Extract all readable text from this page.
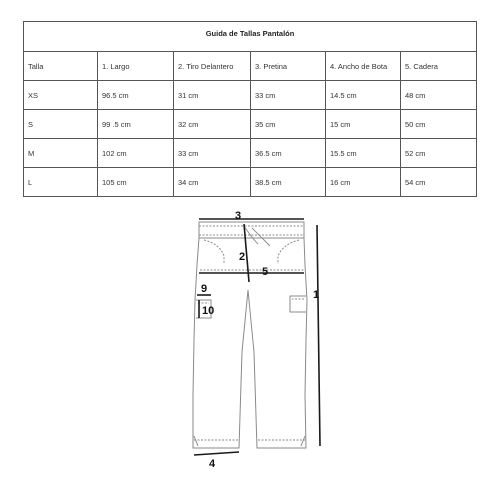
Guida de Tallas Pantalón					
Talla	1. Largo	2. Tiro Delantero	3. Pretina	4. Ancho de Bota	5. Cadera
XS	96.5 cm	31 cm	33 cm	14.5 cm	48 cm
S	99 .5 cm	32 cm	35 cm	15 cm	50 cm
M	102 cm	33 cm	36.5 cm	15.5 cm	52 cm
L	105 cm	34 cm	38.5 cm	16 cm	54 cm
3
2
5
1
4
9
10
